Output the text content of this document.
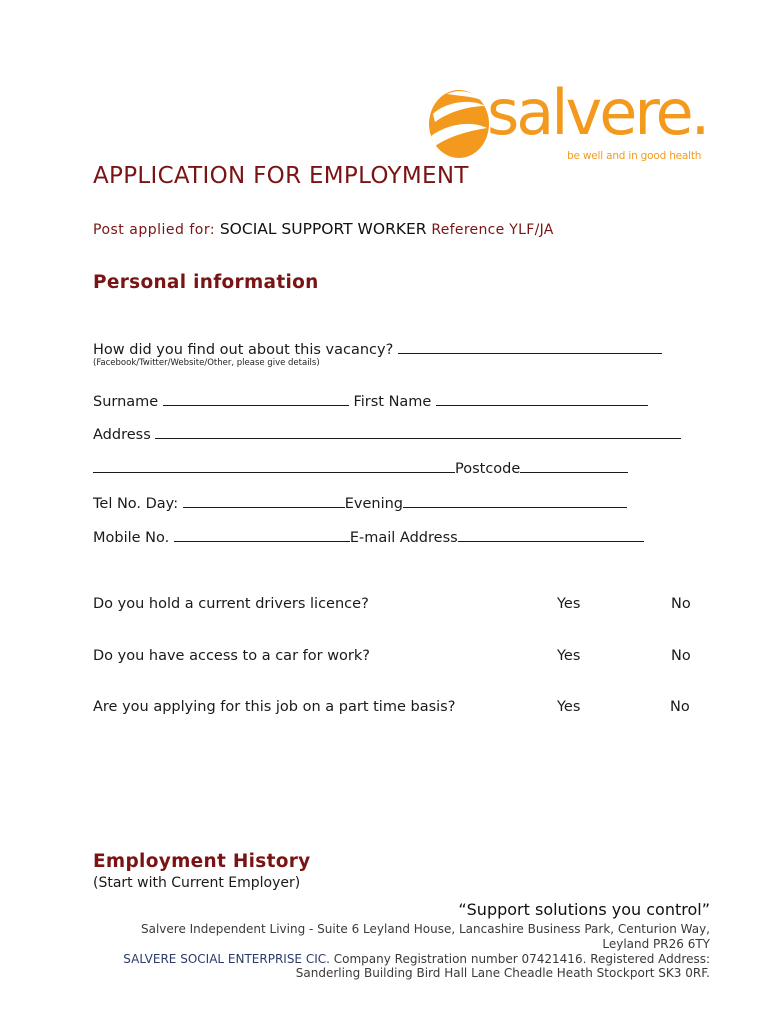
salvere.
be well and in good health
APPLICATION FOR EMPLOYMENT
Post applied for: SOCIAL SUPPORT WORKER Reference YLF/JA
Personal information
How did you find out about this vacancy?
(Facebook/Twitter/Website/Other, please give details)
Surname	First Name
Address
Postcode
Tel No. Day:	Evening
Mobile No.	E-mail Address
Do you hold a current drivers licence?	Yes	No
Do you have access to a car for work?	Yes	No
Are you applying for this job on a part time basis?	Yes	No
Employment History
(Start with Current Employer)
“Support solutions you control”
Salvere Independent Living - Suite 6 Leyland House, Lancashire Business Park, Centurion Way,
Leyland PR26 6TY
SALVERE SOCIAL ENTERPRISE CIC. Company Registration number 07421416. Registered Address:
Sanderling Building Bird Hall Lane Cheadle Heath Stockport SK3 0RF.
